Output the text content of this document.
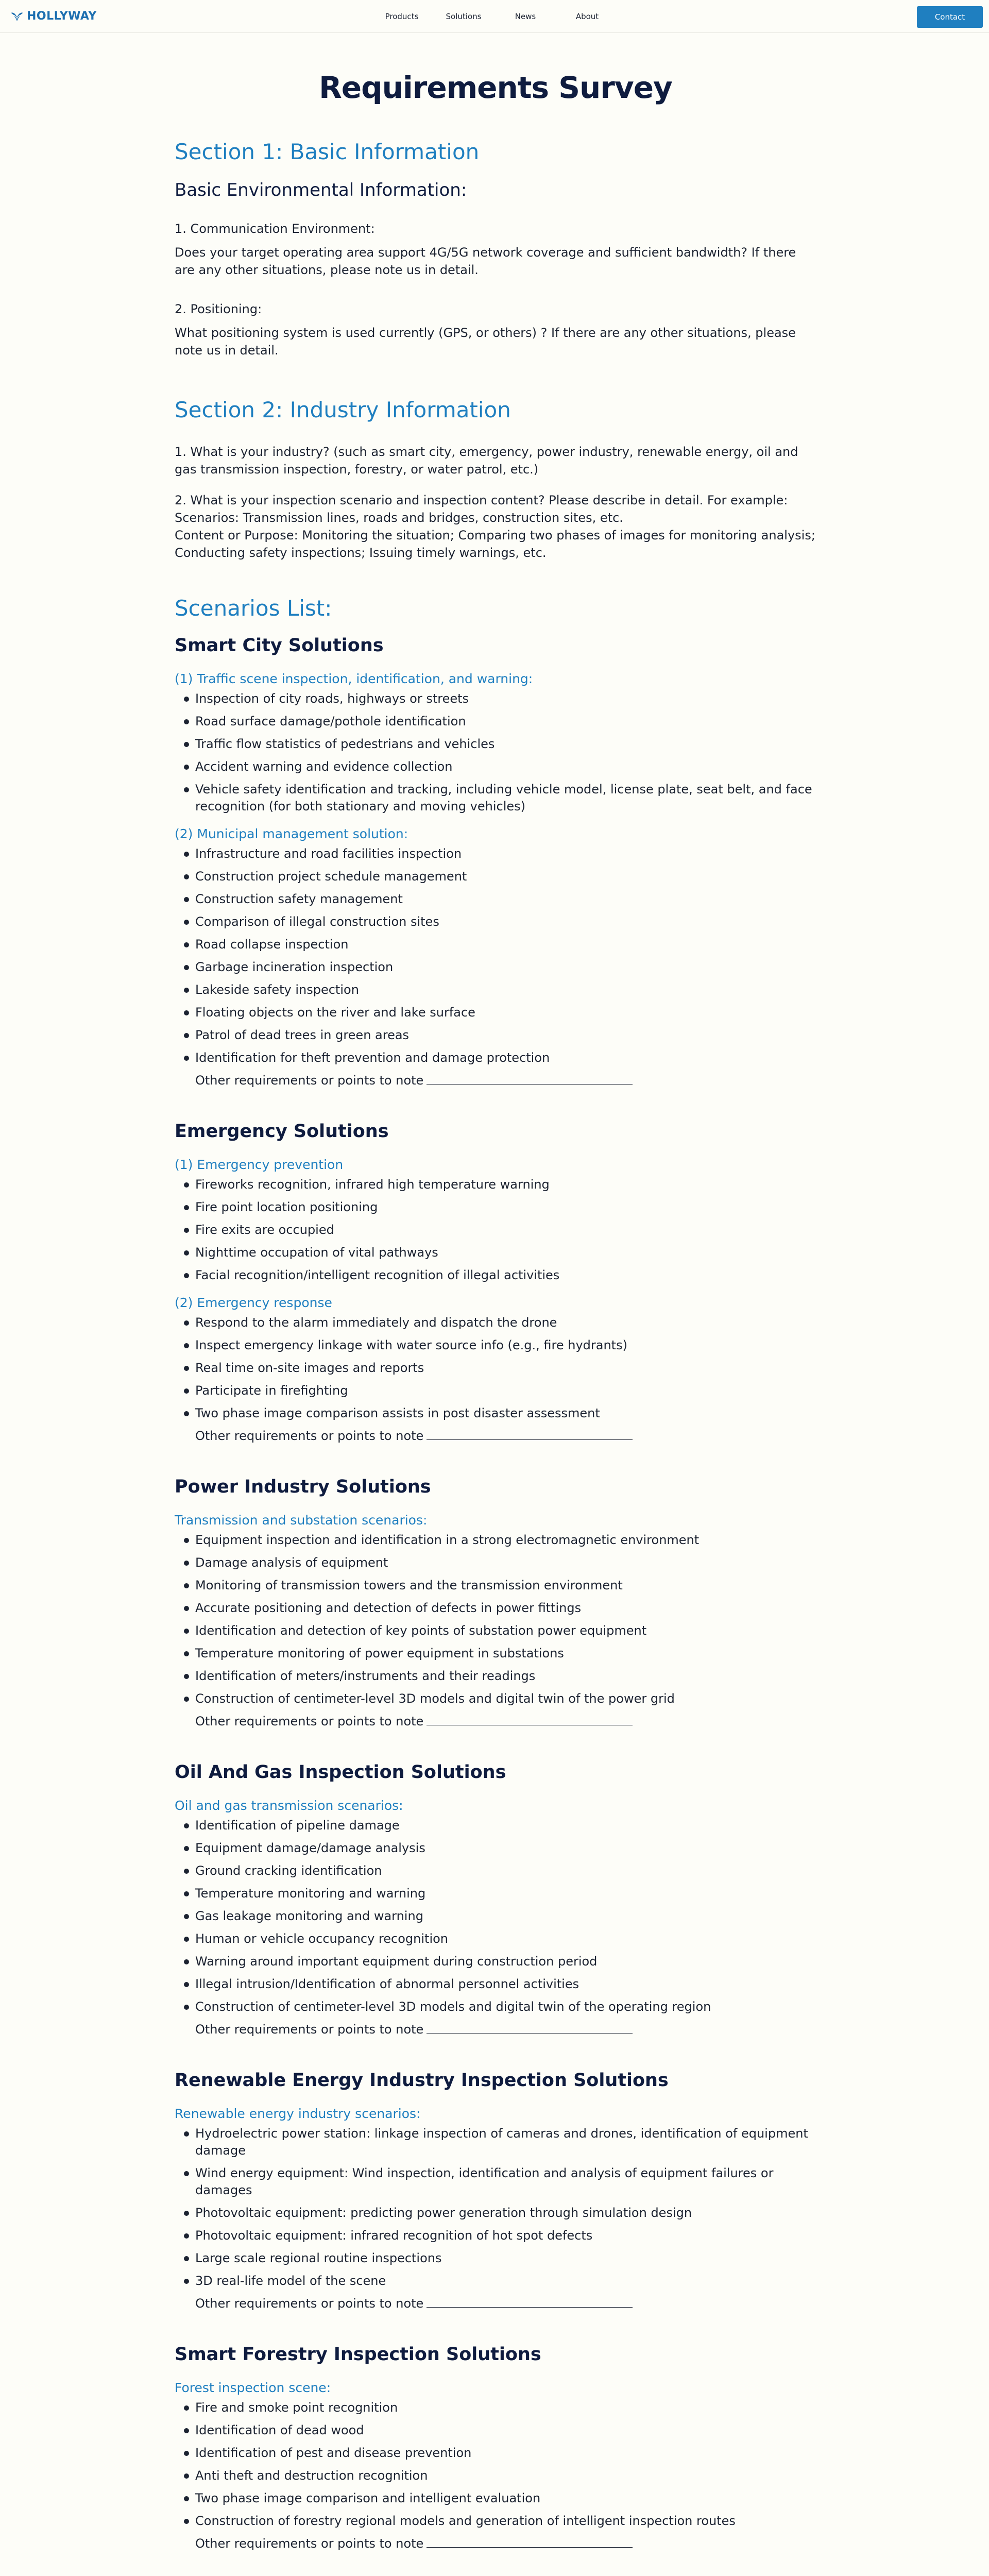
HOLLYWAY	Products	Solutions	News	About	Contact
Requirements Survey
Section 1: Basic Information
Basic Environmental Information:

1. Communication Environment:

Does your target operating area support 4G/5G network coverage and sufficient bandwidth? If there are any other situations, please note us in detail.

2. Positioning:

What positioning system is used currently (GPS, or others) ? If there are any other situations, please note us in detail.

Section 2: Industry Information

1. What is your industry? (such as smart city, emergency, power industry, renewable energy, oil and gas transmission inspection, forestry, or water patrol, etc.)

2. What is your inspection scenario and inspection content? Please describe in detail. For example:

Scenarios: Transmission lines, roads and bridges, construction sites, etc.

Content or Purpose: Monitoring the situation; Comparing two phases of images for monitoring analysis;

Conducting safety inspections; Issuing timely warnings, etc.

Scenarios List:
Smart City Solutions

(1) Traffic scene inspection, identification, and warning:

Inspection of city roads, highways or streets
Road surface damage/pothole identification
Traffic flow statistics of pedestrians and vehicles
Accident warning and evidence collection
Vehicle safety identification and tracking, including vehicle model, license plate, seat belt, and face recognition (for both stationary and moving vehicles)

(2) Municipal management solution:

Infrastructure and road facilities inspection
Construction project schedule management
Construction safety management
Comparison of illegal construction sites
Road collapse inspection
Garbage incineration inspection
Lakeside safety inspection
Floating objects on the river and lake surface
Patrol of dead trees in green areas
Identification for theft prevention and damage protection

Other requirements or points to note

Emergency Solutions

(1) Emergency prevention

Fireworks recognition, infrared high temperature warning
Fire point location positioning
Fire exits are occupied
Nighttime occupation of vital pathways
Facial recognition/intelligent recognition of illegal activities

(2) Emergency response

Respond to the alarm immediately and dispatch the drone
Inspect emergency linkage with water source info (e.g., fire hydrants)
Real time on-site images and reports
Participate in firefighting
Two phase image comparison assists in post disaster assessment

Other requirements or points to note

Power Industry Solutions

Transmission and substation scenarios:

Equipment inspection and identification in a strong electromagnetic environment
Damage analysis of equipment
Monitoring of transmission towers and the transmission environment
Accurate positioning and detection of defects in power fittings
Identification and detection of key points of substation power equipment
Temperature monitoring of power equipment in substations
Identification of meters/instruments and their readings
Construction of centimeter-level 3D models and digital twin of the power grid

Other requirements or points to note

Oil And Gas Inspection Solutions

Oil and gas transmission scenarios:

Identification of pipeline damage
Equipment damage/damage analysis
Ground cracking identification
Temperature monitoring and warning
Gas leakage monitoring and warning
Human or vehicle occupancy recognition
Warning around important equipment during construction period
Illegal intrusion/Identification of abnormal personnel activities
Construction of centimeter-level 3D models and digital twin of the operating region

Other requirements or points to note

Renewable Energy Industry Inspection Solutions

Renewable energy industry scenarios:

Hydroelectric power station: linkage inspection of cameras and drones, identification of equipment damage
Wind energy equipment: Wind inspection, identification and analysis of equipment failures or damages
Photovoltaic equipment: predicting power generation through simulation design
Photovoltaic equipment: infrared recognition of hot spot defects
Large scale regional routine inspections
3D real-life model of the scene

Other requirements or points to note

Smart Forestry Inspection Solutions

Forest inspection scene:

Fire and smoke point recognition
Identification of dead wood
Identification of pest and disease prevention
Anti theft and destruction recognition
Two phase image comparison and intelligent evaluation
Construction of forestry regional models and generation of intelligent inspection routes

Other requirements or points to note
